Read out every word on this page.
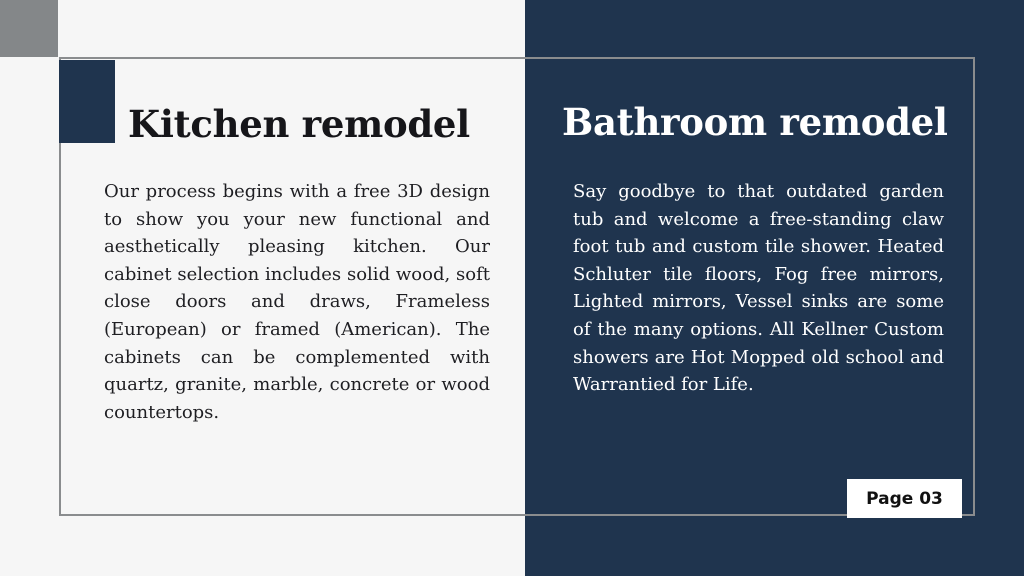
Kitchen remodel Bathroom remodel

Our process begins with a free 3D design to show you your new functional and aesthetically pleasing kitchen. Our cabinet selection includes solid wood, soft close doors and draws, Frameless (European) or framed (American). The cabinets can be complemented with quartz, granite, marble, concrete or wood countertops.

Say goodbye to that outdated garden tub and welcome a free-standing claw foot tub and custom tile shower. Heated Schluter tile floors, Fog free mirrors, Lighted mirrors, Vessel sinks are some of the many options. All Kellner Custom showers are Hot Mopped old school and Warrantied for Life.

Page 03
